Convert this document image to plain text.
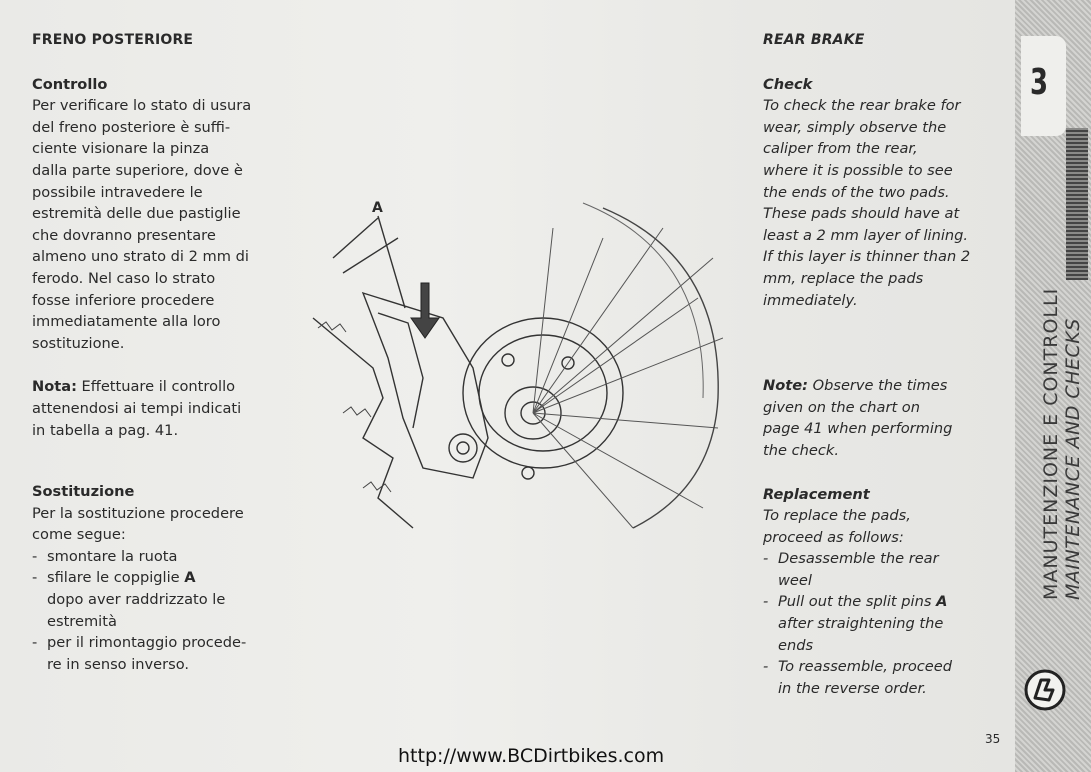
FRENO POSTERIORE

Controllo

Per verificare lo stato di usura

del freno posteriore è suffi-

ciente visionare la pinza

dalla parte superiore, dove è

possibile intravedere le

estremità delle due pastiglie

che dovranno presentare

almeno uno strato di 2 mm di

ferodo. Nel caso lo strato

fosse inferiore procedere

immediatamente alla loro

sostituzione.

Nota: Effettuare il controllo

attenendosi ai tempi indicati

in tabella a pag. 41.

Sostituzione

Per la sostituzione procedere

come segue:

- smontare la ruota
- sfilare le coppiglie A
dopo aver raddrizzato le
estremità
- per il rimontaggio procede-
re in senso inverso.
A

REAR BRAKE

Check

To check the rear brake for

wear, simply observe the

caliper from the rear,

where it is possible to see

the ends of the two pads.

These pads should have at

least a 2 mm layer of lining.

If this layer is thinner than 2

mm, replace the pads

immediately.

Note: Observe the times

given on the chart on

page 41 when performing

the check.

Replacement

To replace the pads,

proceed as follows:

- Desassemble the rear
weel
- Pull out the split pins A
after straightening the
ends
- To reassemble, proceed
in the reverse order.
3
MANUTENZIONE E CONTROLLI MAINTENANCE AND CHECKS
35
http://www.BCDirtbikes.com
